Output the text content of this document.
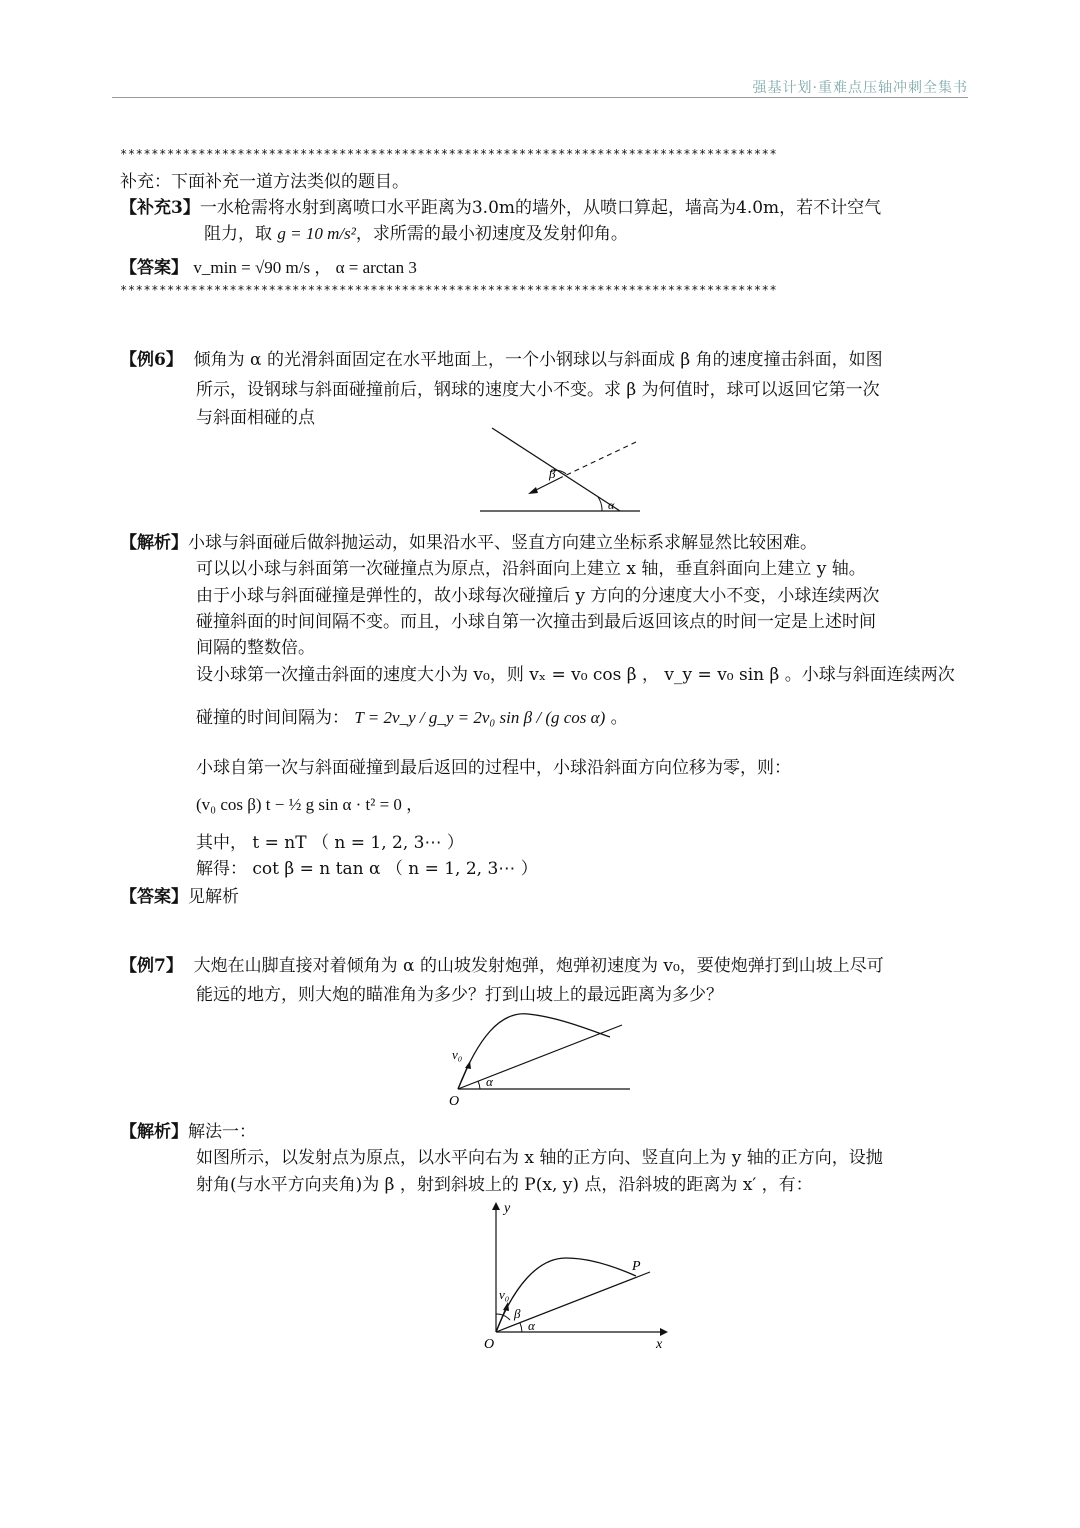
强基计划·重难点压轴冲刺全集书
************************************************************************************
补充：下面补充一道方法类似的题目。
【补充3】一水枪需将水射到离喷口水平距离为3.0m的墙外，从喷口算起，墙高为4.0m，若不计空气
阻力，取 g = 10 m/s²，求所需的最小初速度及发射仰角。
【答案】 v_min = √90 m/s ， α = arctan 3
************************************************************************************
【例6】 倾角为 α 的光滑斜面固定在水平地面上，一个小钢球以与斜面成 β 角的速度撞击斜面，如图
所示，设钢球与斜面碰撞前后，钢球的速度大小不变。求 β 为何值时，球可以返回它第一次
与斜面相碰的点
β
α
【解析】小球与斜面碰后做斜抛运动，如果沿水平、竖直方向建立坐标系求解显然比较困难。
可以以小球与斜面第一次碰撞点为原点，沿斜面向上建立 x 轴，垂直斜面向上建立 y 轴。
由于小球与斜面碰撞是弹性的，故小球每次碰撞后 y 方向的分速度大小不变，小球连续两次
碰撞斜面的时间间隔不变。而且，小球自第一次撞击到最后返回该点的时间一定是上述时间
间隔的整数倍。
设小球第一次撞击斜面的速度大小为 v₀，则 vₓ = v₀ cos β ， v_y = v₀ sin β 。小球与斜面连续两次
碰撞的时间间隔为： T = 2v_y / g_y = 2v₀ sin β / (g cos α) 。
小球自第一次与斜面碰撞到最后返回的过程中，小球沿斜面方向位移为零，则：
(v₀ cos β) t − ½ g sin α · t² = 0 ，
其中， t = nT （ n = 1, 2, 3⋯ ）
解得： cot β = n tan α （ n = 1, 2, 3⋯ ）
【答案】见解析
【例7】 大炮在山脚直接对着倾角为 α 的山坡发射炮弹，炮弹初速度为 v₀，要使炮弹打到山坡上尽可
能远的地方，则大炮的瞄准角为多少？打到山坡上的最远距离为多少？
v₀
α
O
【解析】解法一：
如图所示，以发射点为原点，以水平向右为 x 轴的正方向、竖直向上为 y 轴的正方向，设抛
射角(与水平方向夹角)为 β ，射到斜坡上的 P(x, y) 点，沿斜坡的距离为 x′ ，有：
y
x
O
P
v₀
β
α
